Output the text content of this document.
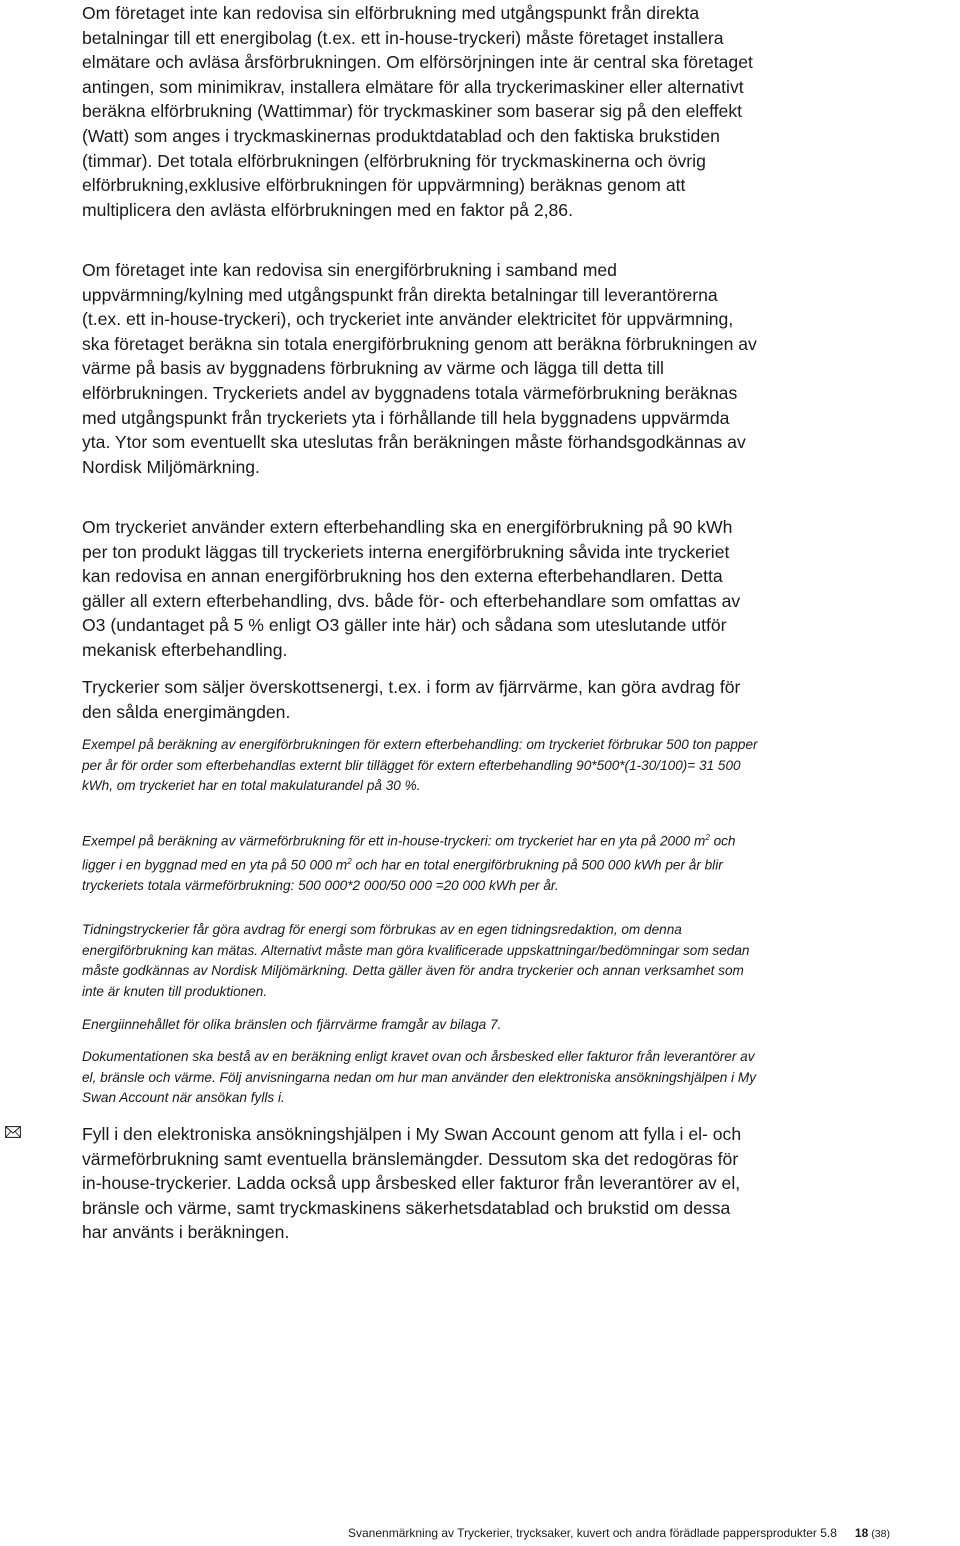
Om företaget inte kan redovisa sin elförbrukning med utgångspunkt från direkta betalningar till ett energibolag (t.ex. ett in-house-tryckeri) måste företaget installera elmätare och avläsa årsförbrukningen. Om elförsörjningen inte är central ska företaget antingen, som minimikrav, installera elmätare för alla tryckerimaskiner eller alternativt beräkna elförbrukning (Wattimmar) för tryckmaskiner som baserar sig på den eleffekt (Watt) som anges i tryckmaskinernas produktdatablad och den faktiska brukstiden (timmar). Det totala elförbrukningen (elförbrukning för tryckmaskinerna och övrig elförbrukning,exklusive elförbrukningen för uppvärmning) beräknas genom att multiplicera den avlästa elförbrukningen med en faktor på 2,86.

Om företaget inte kan redovisa sin energiförbrukning i samband med uppvärmning/kylning med utgångspunkt från direkta betalningar till leverantörerna (t.ex. ett in-house-tryckeri), och tryckeriet inte använder elektricitet för uppvärmning, ska företaget beräkna sin totala energiförbrukning genom att beräkna förbrukningen av värme på basis av byggnadens förbrukning av värme och lägga till detta till elförbrukningen. Tryckeriets andel av byggnadens totala värmeförbrukning beräknas med utgångspunkt från tryckeriets yta i förhållande till hela byggnadens uppvärmda yta. Ytor som eventuellt ska uteslutas från beräkningen måste förhandsgodkännas av Nordisk Miljömärkning.

Om tryckeriet använder extern efterbehandling ska en energiförbrukning på 90 kWh per ton produkt läggas till tryckeriets interna energiförbrukning såvida inte tryckeriet kan redovisa en annan energiförbrukning hos den externa efterbehandlaren. Detta gäller all extern efterbehandling, dvs. både för- och efterbehandlare som omfattas av O3 (undantaget på 5 % enligt O3 gäller inte här) och sådana som uteslutande utför mekanisk efterbehandling.

Tryckerier som säljer överskottsenergi, t.ex. i form av fjärrvärme, kan göra avdrag för den sålda energimängden.

Exempel på beräkning av energiförbrukningen för extern efterbehandling: om tryckeriet förbrukar 500 ton papper per år för order som efterbehandlas externt blir tillägget för extern efterbehandling 90*500*(1-30/100)= 31 500 kWh, om tryckeriet har en total makulaturandel på 30 %.

Exempel på beräkning av värmeförbrukning för ett in-house-tryckeri: om tryckeriet har en yta på 2000 $m^2$ och ligger i en byggnad med en yta på 50 000 $m^2$ och har en total energiförbrukning på 500 000 kWh per år blir tryckeriets totala värmeförbrukning: 500 000*2 000/50 000 =20 000 kWh per år.

Tidningstryckerier får göra avdrag för energi som förbrukas av en egen tidningsredaktion, om denna energiförbrukning kan mätas. Alternativt måste man göra kvalificerade uppskattningar/bedömningar som sedan måste godkännas av Nordisk Miljömärkning. Detta gäller även för andra tryckerier och annan verksamhet som inte är knuten till produktionen.

Energiinnehållet för olika bränslen och fjärrvärme framgår av bilaga 7.

Dokumentationen ska bestå av en beräkning enligt kravet ovan och årsbesked eller fakturor från leverantörer av el, bränsle och värme. Följ anvisningarna nedan om hur man använder den elektroniska ansökningshjälpen i My Swan Account när ansökan fylls i.

Fyll i den elektroniska ansökningshjälpen i My Swan Account genom att fylla i el- och värmeförbrukning samt eventuella bränslemängder. Dessutom ska det redogöras för in-house-tryckerier. Ladda också upp årsbesked eller fakturor från leverantörer av el, bränsle och värme, samt tryckmaskinens säkerhetsdatablad och brukstid om dessa har använts i beräkningen.

Svanenmärkning av Tryckerier, trycksaker, kuvert och andra förädlade pappersprodukter 5.8 18 (38)
